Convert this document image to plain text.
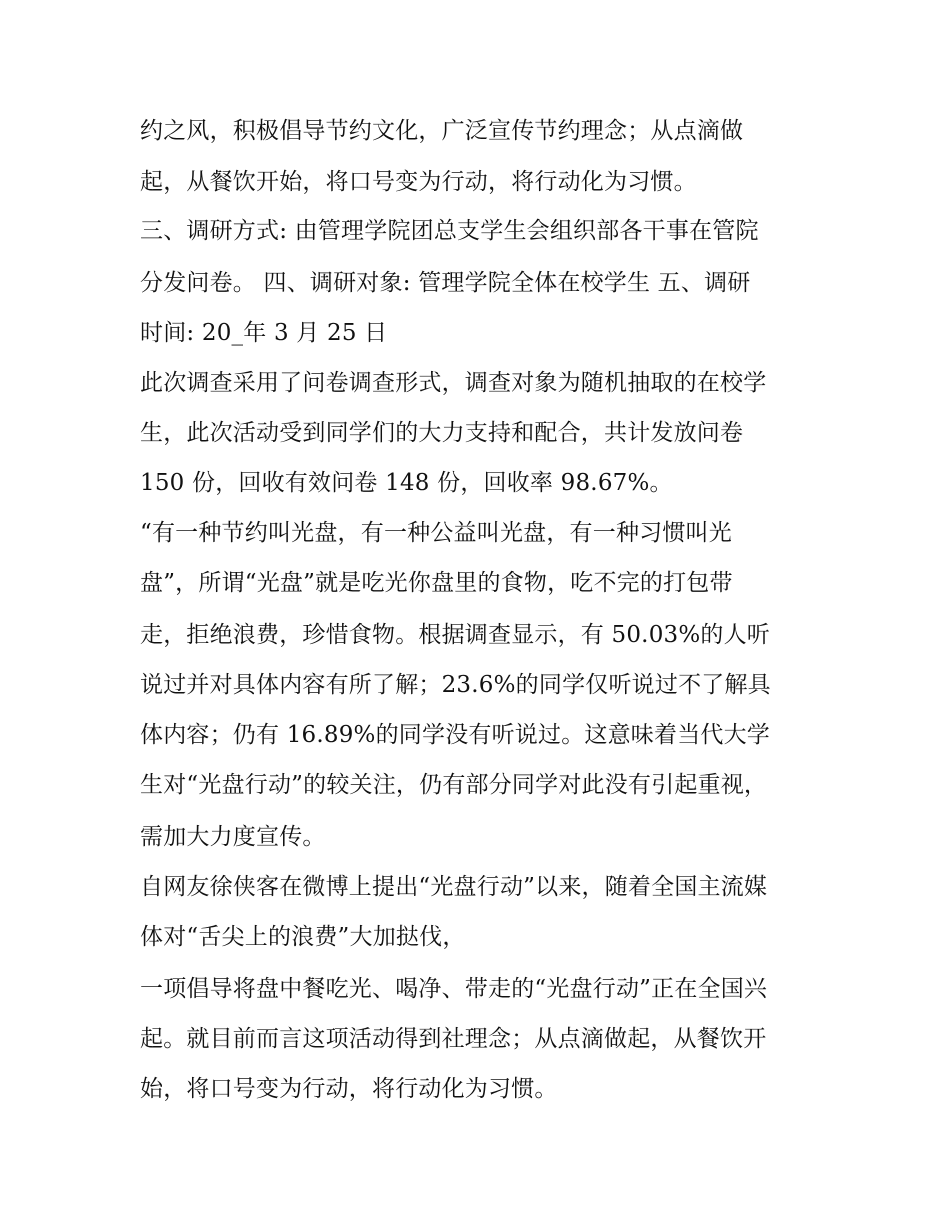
约之风，积极倡导节约文化，广泛宣传节约理念；从点滴做
起，从餐饮开始，将口号变为行动，将行动化为习惯。
三、调研方式: 由管理学院团总支学生会组织部各干事在管院
分发问卷。 四、调研对象: 管理学院全体在校学生 五、调研
时间: 20_年 3 月 25 日
此次调查采用了问卷调查形式，调查对象为随机抽取的在校学
生，此次活动受到同学们的大力支持和配合，共计发放问卷
150 份，回收有效问卷 148 份，回收率 98.67%。
“有一种节约叫光盘，有一种公益叫光盘，有一种习惯叫光
盘”，所谓“光盘”就是吃光你盘里的食物，吃不完的打包带
走，拒绝浪费，珍惜食物。根据调查显示，有 50.03%的人听
说过并对具体内容有所了解；23.6%的同学仅听说过不了解具
体内容；仍有 16.89%的同学没有听说过。这意味着当代大学
生对“光盘行动”的较关注，仍有部分同学对此没有引起重视，
需加大力度宣传。
自网友徐侠客在微博上提出“光盘行动”以来，随着全国主流媒
体对“舌尖上的浪费”大加挞伐，
一项倡导将盘中餐吃光、喝净、带走的“光盘行动”正在全国兴
起。就目前而言这项活动得到社理念；从点滴做起，从餐饮开
始，将口号变为行动，将行动化为习惯。
